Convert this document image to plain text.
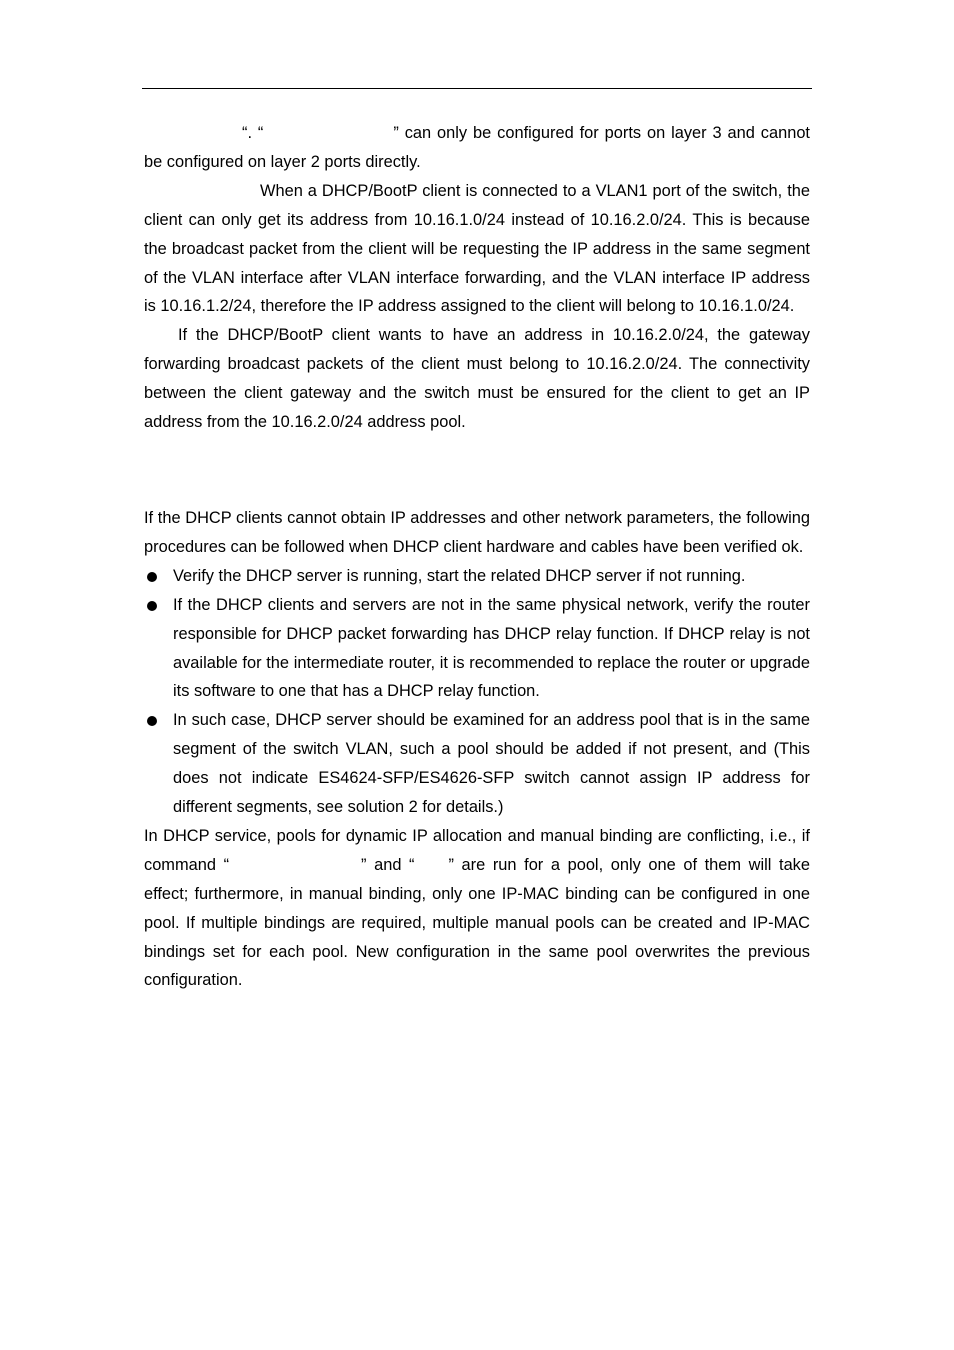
“. “	” can only be configured for ports on layer 3 and cannot be configured on layer 2 ports directly.

When a DHCP/BootP client is connected to a VLAN1 port of the switch, the client can only get its address from 10.16.1.0/24 instead of 10.16.2.0/24. This is because the broadcast packet from the client will be requesting the IP address in the same segment of the VLAN interface after VLAN interface forwarding, and the VLAN interface IP address is 10.16.1.2/24, therefore the IP address assigned to the client will belong to 10.16.1.0/24.

If the DHCP/BootP client wants to have an address in 10.16.2.0/24, the gateway forwarding broadcast packets of the client must belong to 10.16.2.0/24. The connectivity between the client gateway and the switch must be ensured for the client to get an IP address from the 10.16.2.0/24 address pool.

If the DHCP clients cannot obtain IP addresses and other network parameters, the following procedures can be followed when DHCP client hardware and cables have been verified ok.

Verify the DHCP server is running, start the related DHCP server if not running.
If the DHCP clients and servers are not in the same physical network, verify the router responsible for DHCP packet forwarding has DHCP relay function. If DHCP relay is not available for the intermediate router, it is recommended to replace the router or upgrade its software to one that has a DHCP relay function.
In such case, DHCP server should be examined for an address pool that is in the same segment of the switch VLAN, such a pool should be added if not present, and (This does not indicate ES4624-SFP/ES4626-SFP switch cannot assign IP address for different segments, see solution 2 for details.)

In DHCP service, pools for dynamic IP allocation and manual binding are conflicting, i.e., if command “	” and “ ” are run for a pool, only one of them will take effect; furthermore, in manual binding, only one IP-MAC binding can be configured in one pool. If multiple bindings are required, multiple manual pools can be created and IP-MAC bindings set for each pool. New configuration in the same pool overwrites the previous configuration.
